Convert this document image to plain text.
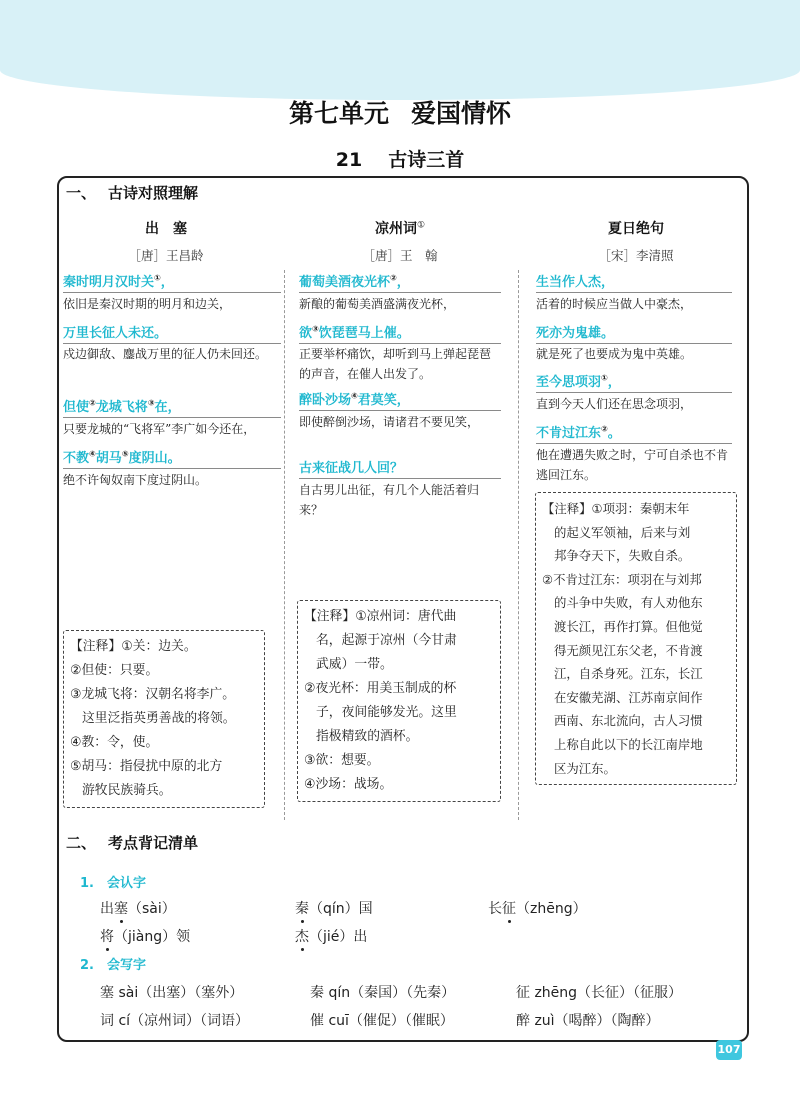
第七单元 爱国情怀
21 古诗三首
一、 古诗对照理解
出　塞
［唐］王昌龄
秦时明月汉时关①，
依旧是秦汉时期的明月和边关，
万里长征人未还。
戍边御敌、鏖战万里的征人仍未回还。
但使②龙城飞将③在，
只要龙城的“飞将军”李广如今还在，
不教④胡马⑤度阴山。
绝不许匈奴南下度过阴山。
【注释】①关：边关。
②但使：只要。
③龙城飞将：汉朝名将李广。
这里泛指英勇善战的将领。
④教：令，使。
⑤胡马：指侵扰中原的北方
游牧民族骑兵。
凉州词①
［唐］王　翰
葡萄美酒夜光杯②，
新酿的葡萄美酒盛满夜光杯，
欲③饮琵琶马上催。
正要举杯痛饮，却听到马上弹起琵琶的声音，在催人出发了。
醉卧沙场④君莫笑，
即使醉倒沙场，请诸君不要见笑，
古来征战几人回？
自古男儿出征，有几个人能活着归来？
【注释】①凉州词：唐代曲
名，起源于凉州（今甘肃
武威）一带。
②夜光杯：用美玉制成的杯
子，夜间能够发光。这里
指极精致的酒杯。
③欲：想要。
④沙场：战场。
夏日绝句
［宋］李清照
生当作人杰，
活着的时候应当做人中豪杰，
死亦为鬼雄。
就是死了也要成为鬼中英雄。
至今思项羽①，
直到今天人们还在思念项羽，
不肯过江东②。
他在遭遇失败之时，宁可自杀也不肯逃回江东。
【注释】①项羽：秦朝末年
的起义军领袖，后来与刘
邦争夺天下，失败自杀。
②不肯过江东：项羽在与刘邦
的斗争中失败，有人劝他东
渡长江，再作打算。但他觉
得无颜见江东父老，不肯渡
江，自杀身死。江东，长江
在安徽芜湖、江苏南京间作
西南、东北流向，古人习惯
上称自此以下的长江南岸地
区为江东。
二、 考点背记清单
1.　会认字
出塞（sài）	秦（qín）国	长征（zhēng）
将（jiàng）领	杰（jié）出
2.　会写字
塞 sài（出塞）（塞外）	秦 qín（秦国）（先秦）	征 zhēng（长征）（征服）
词 cí（凉州词）（词语）	催 cuī（催促）（催眠）	醉 zuì（喝醉）（陶醉）
107
